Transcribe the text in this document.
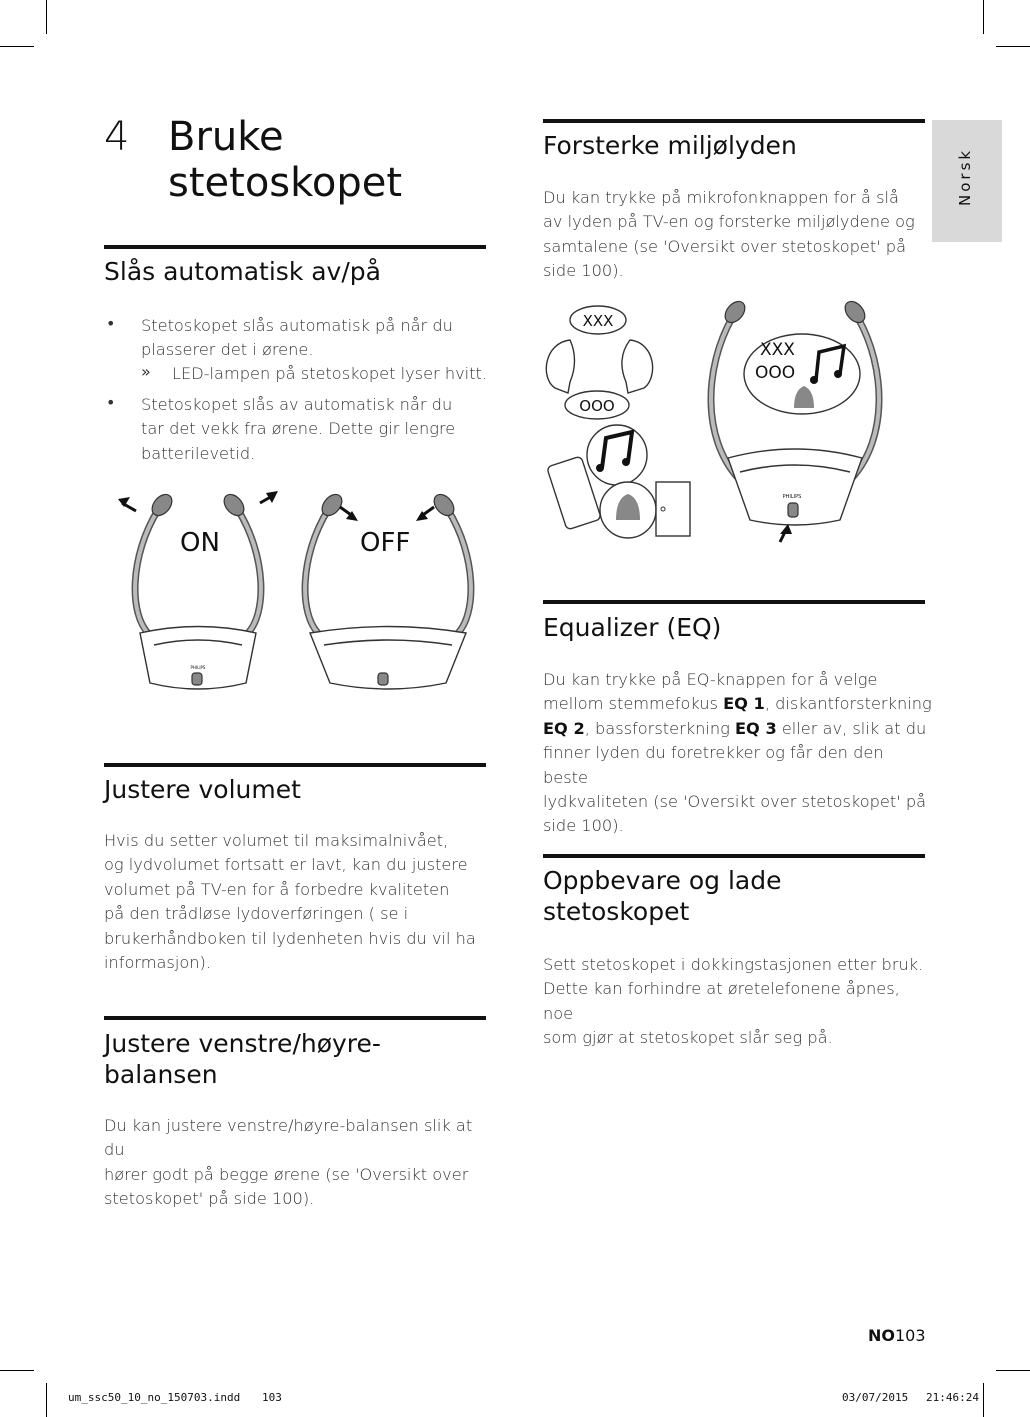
Norsk
4 Bruke
stetoskopet
Slås automatisk av/på
• Stetoskopet slås automatisk på når du
plasserer det i ørene.
» LED-lampen på stetoskopet lyser hvitt.
• Stetoskopet slås av automatisk når du
tar det vekk fra ørene. Dette gir lengre
batterilevetid.
PHILIPS
ON	OFF
Justere volumet
Hvis du setter volumet til maksimalnivået,
og lydvolumet fortsatt er lavt, kan du justere
volumet på TV-en for å forbedre kvaliteten
på den trådløse lydoverføringen ( se i
brukerhåndboken til lydenheten hvis du vil ha
informasjon).
Justere venstre/høyre-
balansen
Du kan justere venstre/høyre-balansen slik at du
hører godt på begge ørene (se 'Oversikt over
stetoskopet' på side 100).
Forsterke miljølyden
Du kan trykke på mikrofonknappen for å slå
av lyden på TV-en og forsterke miljølydene og
samtalene (se 'Oversikt over stetoskopet' på
side 100).
XXX
OOO
PHILIPS
XXX
OOO
Equalizer (EQ)
Du kan trykke på EQ-knappen for å velge
mellom stemmefokus EQ 1, diskantforsterkning
EQ 2, bassforsterkning EQ 3 eller av, slik at du
finner lyden du foretrekker og får den den beste
lydkvaliteten (se 'Oversikt over stetoskopet' på
side 100).
Oppbevare og lade
stetoskopet
Sett stetoskopet i dokkingstasjonen etter bruk.
Dette kan forhindre at øretelefonene åpnes, noe
som gjør at stetoskopet slår seg på.
NO103
um_ssc50_10_no_150703.indd 103	03/07/2015 21:46:24
